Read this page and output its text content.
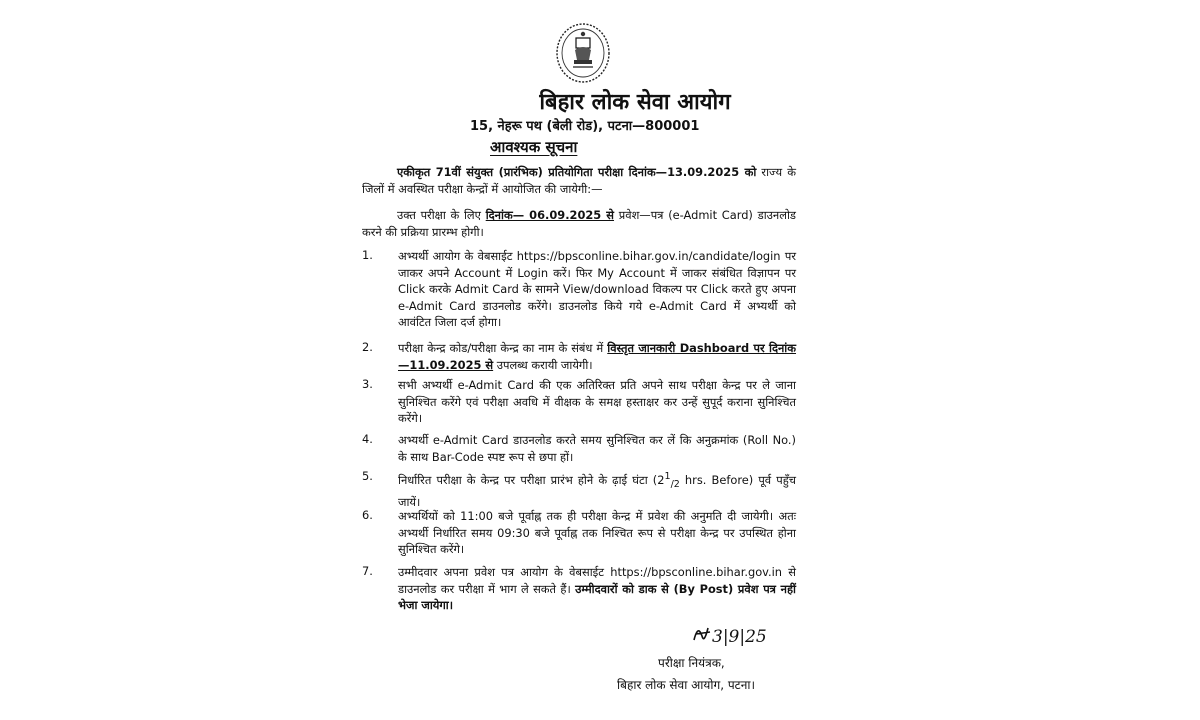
बिहार लोक सेवा आयोग
15, नेहरू पथ (बेली रोड), पटना—800001
आवश्यक सूचना
एकीकृत 71वीं संयुक्त (प्रारंभिक) प्रतियोगिता परीक्षा दिनांक—13.09.2025 को राज्य के जिलों में अवस्थित परीक्षा केन्द्रों में आयोजित की जायेगी:—
उक्त परीक्षा के लिए दिनांक— 06.09.2025 से प्रवेश—पत्र (e-Admit Card) डाउनलोड करने की प्रक्रिया प्रारम्भ होगी।
1. अभ्यर्थी आयोग के वेबसाईट https://bpsconline.bihar.gov.in/candidate/login पर जाकर अपने Account में Login करें। फिर My Account में जाकर संबंधित विज्ञापन पर Click करके Admit Card के सामने View/download विकल्प पर Click करते हुए अपना e-Admit Card डाउनलोड करेंगे। डाउनलोड किये गये e-Admit Card में अभ्यर्थी को आवंटित जिला दर्ज होगा।
2. परीक्षा केन्द्र कोड/परीक्षा केन्द्र का नाम के संबंध में विस्तृत जानकारी Dashboard पर दिनांक—11.09.2025 से उपलब्ध करायी जायेगी।
3. सभी अभ्यर्थी e-Admit Card की एक अतिरिक्त प्रति अपने साथ परीक्षा केन्द्र पर ले जाना सुनिश्चित करेंगे एवं परीक्षा अवधि में वीक्षक के समक्ष हस्ताक्षर कर उन्हें सुपूर्द कराना सुनिश्चित करेंगे।
4. अभ्यर्थी e-Admit Card डाउनलोड करते समय सुनिश्चित कर लें कि अनुक्रमांक (Roll No.) के साथ Bar-Code स्पष्ट रूप से छपा हों।
5. निर्धारित परीक्षा के केन्द्र पर परीक्षा प्रारंभ होने के ढ़ाई घंटा ($2^1_{/2}$ hrs. Before) पूर्व पहुँच जायें।
6. अभ्यर्थियों को 11:00 बजे पूर्वाह्न तक ही परीक्षा केन्द्र में प्रवेश की अनुमति दी जायेगी। अतः अभ्यर्थी निर्धारित समय 09:30 बजे पूर्वाह्न तक निश्चित रूप से परीक्षा केन्द्र पर उपस्थित होना सुनिश्चित करेंगे।
7. उम्मीदवार अपना प्रवेश पत्र आयोग के वेबसाईट https://bpsconline.bihar.gov.in से डाउनलोड कर परीक्षा में भाग ले सकते हैं। उम्मीदवारों को डाक से (By Post) प्रवेश पत्र नहीं भेजा जायेगा।
3|9|25
परीक्षा नियंत्रक,
बिहार लोक सेवा आयोग, पटना।
